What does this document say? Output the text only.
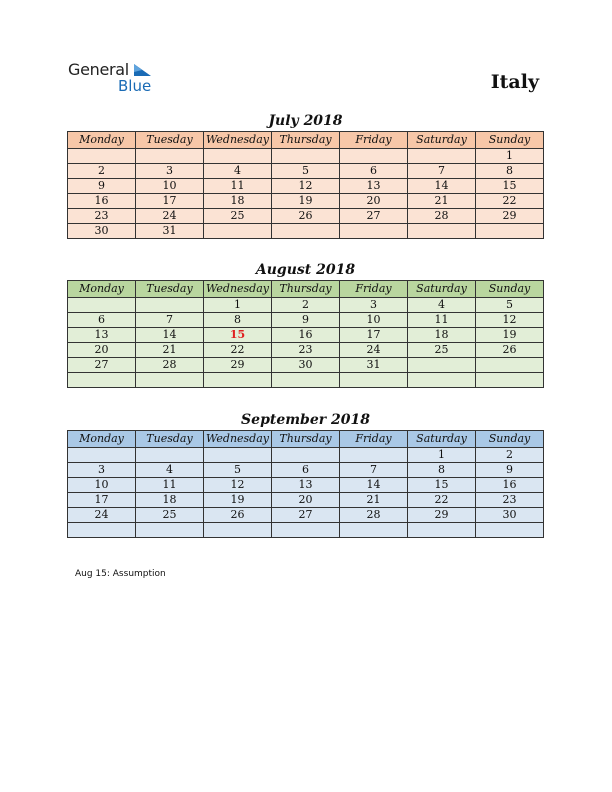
General
Blue	Italy
July 2018
Monday	Tuesday	Wednesday	Thursday	Friday	Saturday	Sunday
						1
2	3	4	5	6	7	8
9	10	11	12	13	14	15
16	17	18	19	20	21	22
23	24	25	26	27	28	29
30	31					
August 2018
Monday	Tuesday	Wednesday	Thursday	Friday	Saturday	Sunday
		1	2	3	4	5
6	7	8	9	10	11	12
13	14	15	16	17	18	19
20	21	22	23	24	25	26
27	28	29	30	31		

September 2018
Monday	Tuesday	Wednesday	Thursday	Friday	Saturday	Sunday
					1	2
3	4	5	6	7	8	9
10	11	12	13	14	15	16
17	18	19	20	21	22	23
24	25	26	27	28	29	30

Aug 15: Assumption
